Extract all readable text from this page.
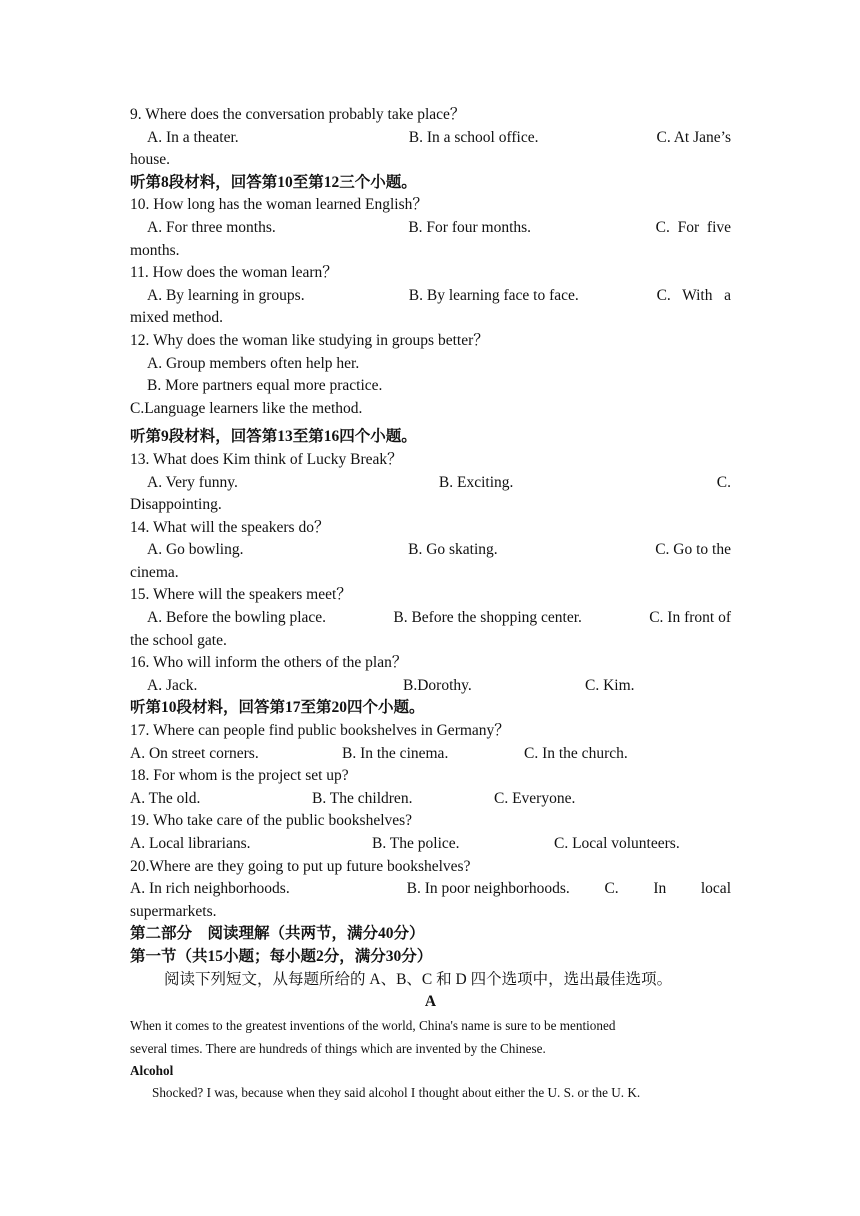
9. Where does the conversation probably take place？
A. In a theater.	B. In a school office.	C. At Jane’s
house.
听第8段材料，回答第10至第12三个小题。
10. How long has the woman learned English？
A. For three months.	B. For four months.	C.  For  five
months.
11. How does the woman learn？
A. By learning in groups.	B. By learning face to face.	C.   With   a
mixed method.
12. Why does the woman like studying in groups better？
A. Group members often help her.
B. More partners equal more practice.
C.Language learners like the method.
听第9段材料，回答第13至第16四个小题。
13. What does Kim think of Lucky Break？
A. Very funny.	B. Exciting.	C.
Disappointing.
14. What will the speakers do？
A. Go bowling.	B. Go skating.	C. Go to the
cinema.
15. Where will the speakers meet？
A. Before the bowling place.	B. Before the shopping center.	C. In front of
the school gate.
16. Who will inform the others of the plan？
A. Jack.	B.Dorothy.	C. Kim.
听第10段材料，回答第17至第20四个小题。
17. Where can people find public bookshelves in Germany？
A. On street corners.	B. In the cinema.	C. In the church.
18. For whom is the project set up?
A. The old.	B. The children.	C. Everyone.
19. Who take care of the public bookshelves?
A. Local librarians.	B. The police.	C. Local volunteers.
20.Where are they going to put up future bookshelves?
A. In rich neighborhoods.	B. In poor neighborhoods. C. In local
supermarkets.
第二部分　阅读理解（共两节，满分40分）
第一节（共15小题；每小题2分，满分30分）
阅读下列短文，从每题所给的 A、B、C 和 D 四个选项中，选出最佳选项。
A
When it comes to the greatest inventions of the world, China's name is sure to be mentioned
several times. There are hundreds of things which are invented by the Chinese.
Alcohol
Shocked? I was, because when they said alcohol I thought about either the U. S. or the U. K.
